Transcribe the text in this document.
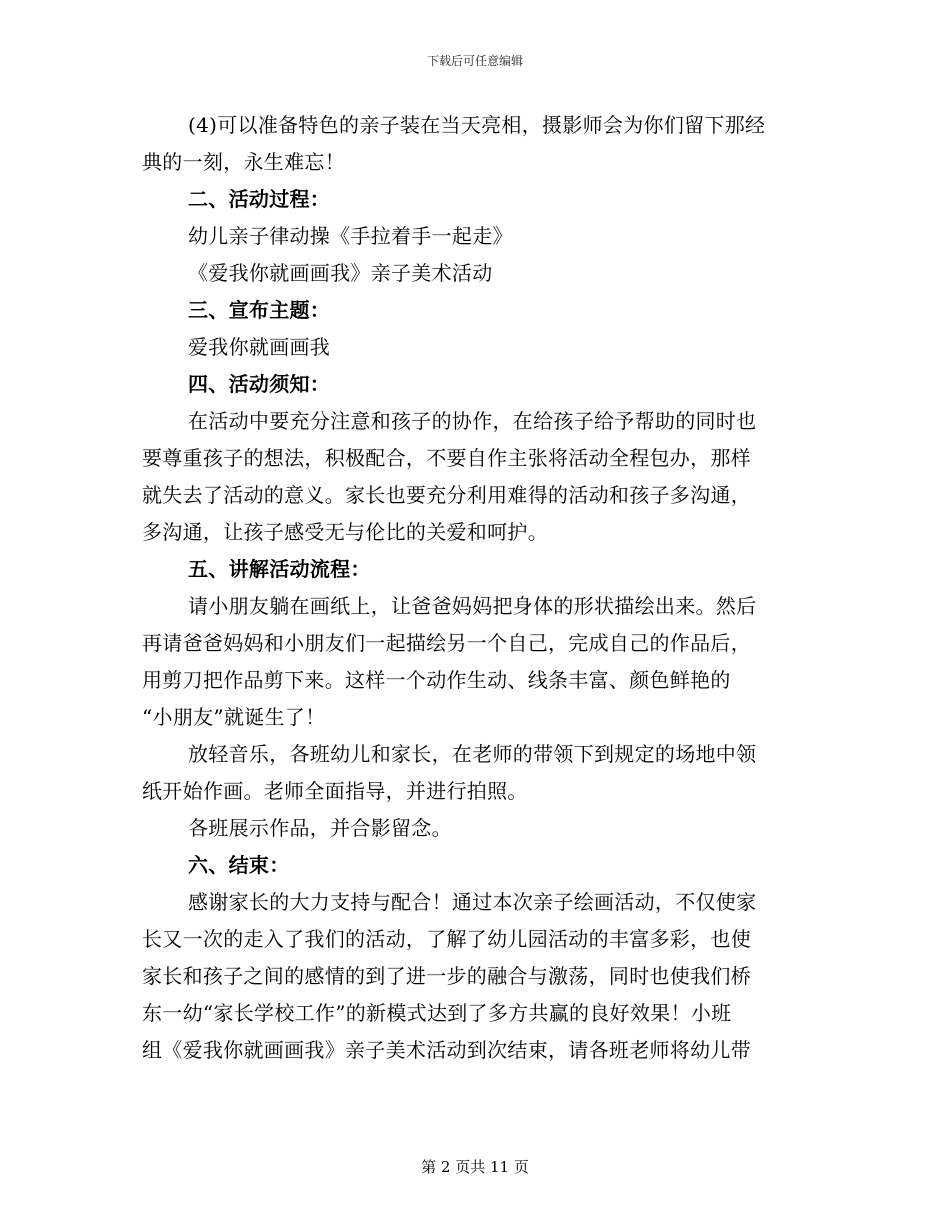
下载后可任意编辑
(4)可以准备特色的亲子装在当天亮相，摄影师会为你们留下那经
典的一刻，永生难忘！
二、活动过程：
幼儿亲子律动操《手拉着手一起走》
《爱我你就画画我》亲子美术活动
三、宣布主题：
爱我你就画画我
四、活动须知：
在活动中要充分注意和孩子的协作，在给孩子给予帮助的同时也
要尊重孩子的想法，积极配合，不要自作主张将活动全程包办，那样
就失去了活动的意义。家长也要充分利用难得的活动和孩子多沟通，
多沟通，让孩子感受无与伦比的关爱和呵护。
五、讲解活动流程：
请小朋友躺在画纸上，让爸爸妈妈把身体的形状描绘出来。然后
再请爸爸妈妈和小朋友们一起描绘另一个自己，完成自己的作品后，
用剪刀把作品剪下来。这样一个动作生动、线条丰富、颜色鲜艳的
“小朋友”就诞生了！
放轻音乐，各班幼儿和家长，在老师的带领下到规定的场地中领
纸开始作画。老师全面指导，并进行拍照。
各班展示作品，并合影留念。
六、结束：
感谢家长的大力支持与配合！通过本次亲子绘画活动，不仅使家
长又一次的走入了我们的活动，了解了幼儿园活动的丰富多彩，也使
家长和孩子之间的感情的到了进一步的融合与激荡，同时也使我们桥
东一幼“家长学校工作”的新模式达到了多方共赢的良好效果！小班
组《爱我你就画画我》亲子美术活动到次结束，请各班老师将幼儿带
第 2 页共 11 页
